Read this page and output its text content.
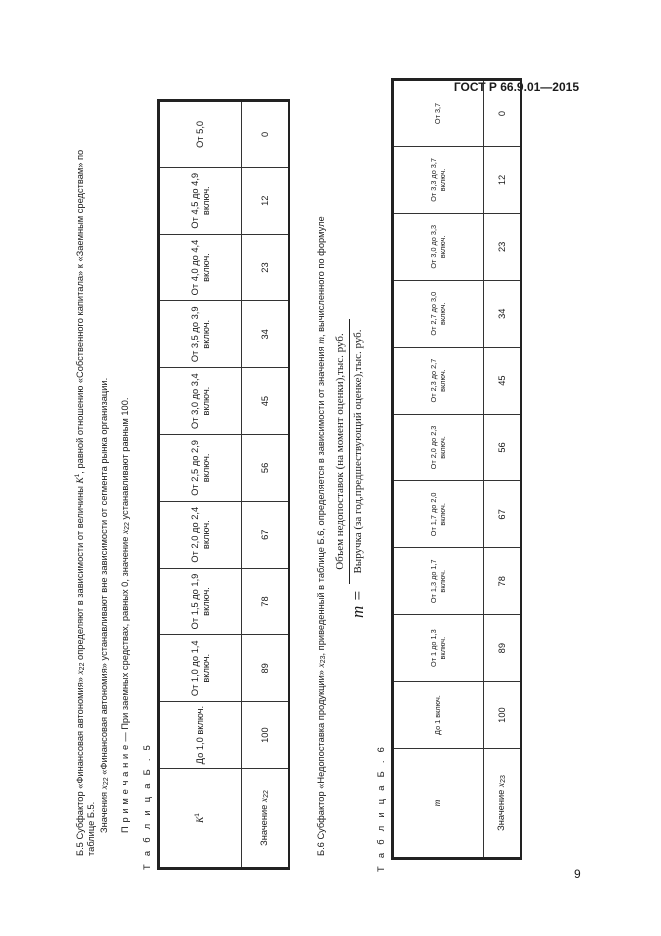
ГОСТ Р 66.9.01—2015
Б.5 Субфактор «Финансовая автономия» x22 определяют в зависимости от величины $K^1$, равной отношению «Собственного капитала» к «Заемным средствам» по
таблице Б.5. Значения x22 «Финансовая автономия» устанавливают вне зависимости от сегмента рынка организации.
П р и м е ч а н и е — При заемных средствах, равных 0, значение x22 устанавливают равным 100.
Т а б л и ц а Б . 5	$K^1$	До 1,0 включ.	От 1,0 до 1,4 включ.	От 1,5 до 1,9 включ.	От 2,0 до 2,4 включ.	От 2,5 до 2,9 включ.	От 3,0 до 3,4 включ.	От 3,5 до 3,9 включ.	От 4,0 до 4,4 включ.	От 4,5 до 4,9 включ.	От 5,0
Значение x22	100	89	78	67	56	45	34	23	12	0
Б.6 Субфактор «Недопоставка продукции» x23, приведенный в таблице Б.6, определяется в зависимости от значения m, вычисленного по формуле
m =
Объем недопоставок (на момент оценки),тыс. руб. Выручка (за год,предшествующий оценке),тыс. руб.
Т а б л и ц а Б . 6	m	До 1 включ.	От 1 до 1,3 включ.	От 1,3 до 1,7 включ.	От 1,7 до 2,0 включ.	От 2,0 до 2,3 включ.	От 2,3 до 2,7 включ.	От 2,7 до 3,0 включ.	От 3,0 до 3,3 включ.	От 3,3 до 3,7 включ.	От 3,7
Значение x23	100	89	78	67	56	45	34	23	12	0
9
